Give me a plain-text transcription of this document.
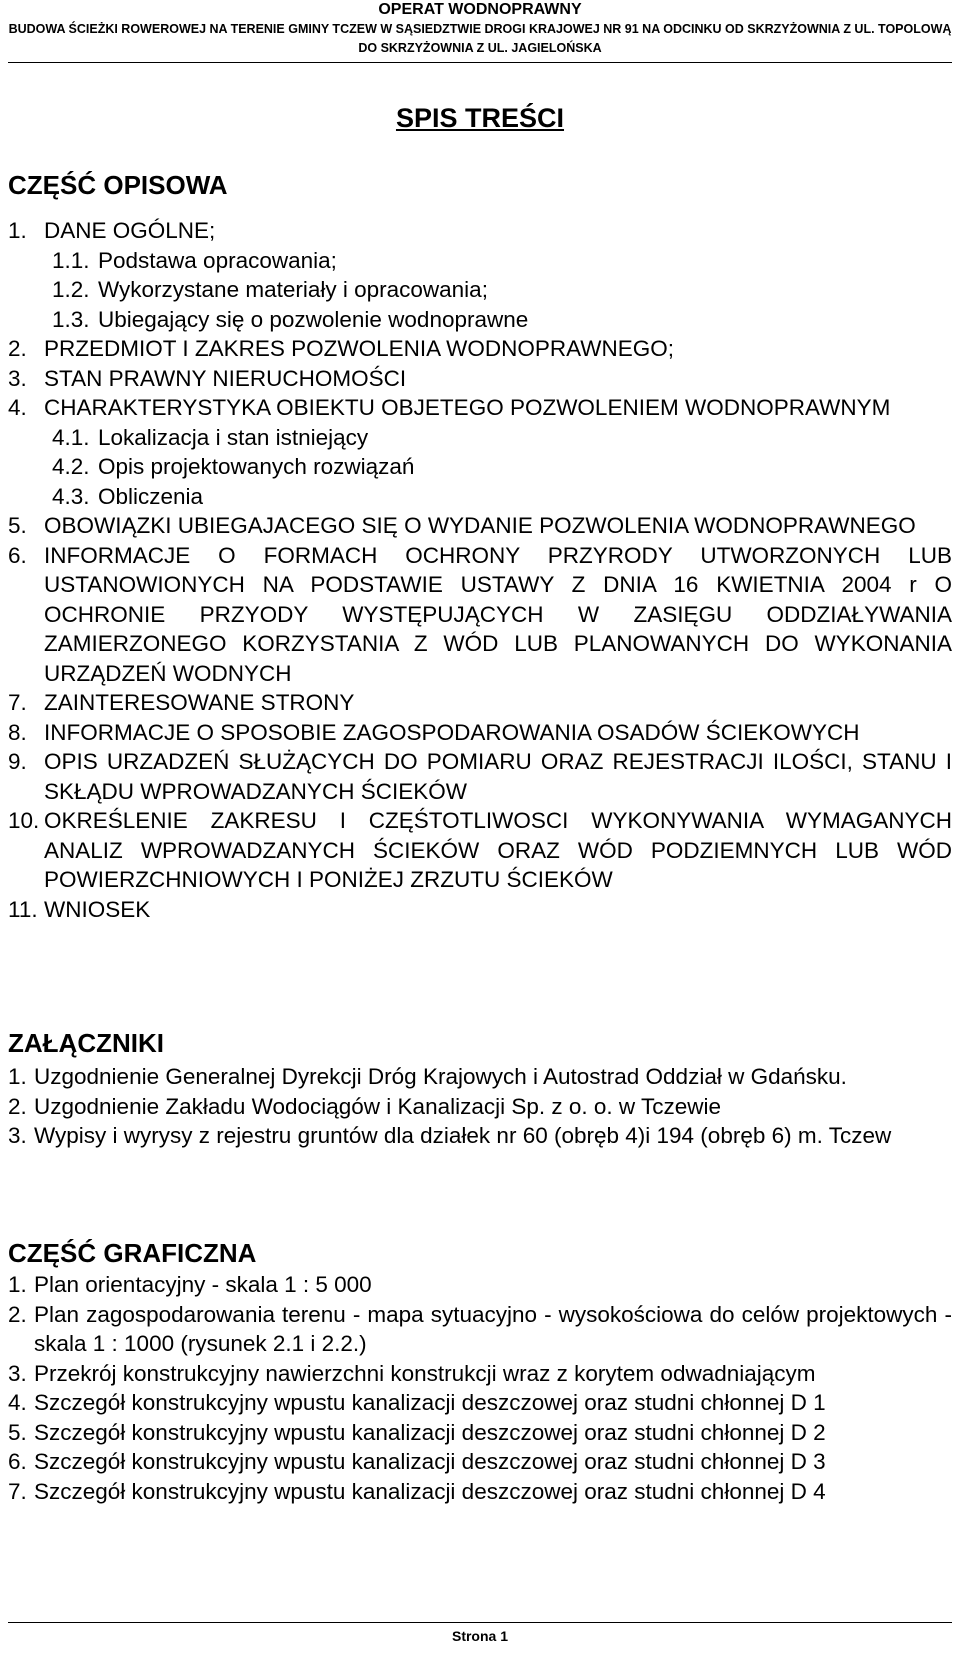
OPERAT WODNOPRAWNY
BUDOWA ŚCIEŻKI ROWEROWEJ NA TERENIE GMINY TCZEW W SĄSIEDZTWIE DROGI KRAJOWEJ NR 91 NA ODCINKU OD SKRZYŻOWNIA Z UL. TOPOLOWĄ DO SKRZYŻOWNIA Z UL. JAGIELOŃSKA
SPIS TREŚCI
CZĘŚĆ OPISOWA
1. DANE OGÓLNE;
1.1. Podstawa opracowania;
1.2. Wykorzystane materiały i opracowania;
1.3. Ubiegający się o pozwolenie wodnoprawne
2. PRZEDMIOT I ZAKRES POZWOLENIA WODNOPRAWNEGO;
3. STAN PRAWNY NIERUCHOMOŚCI
4. CHARAKTERYSTYKA OBIEKTU OBJETEGO POZWOLENIEM WODNOPRAWNYM
4.1. Lokalizacja i stan istniejący
4.2. Opis projektowanych rozwiązań
4.3. Obliczenia
5. OBOWIĄZKI UBIEGAJACEGO SIĘ O WYDANIE POZWOLENIA WODNOPRAWNEGO
6. INFORMACJE O FORMACH OCHRONY PRZYRODY UTWORZONYCH LUB USTANOWIONYCH NA PODSTAWIE USTAWY Z DNIA 16 KWIETNIA 2004 r O OCHRONIE PRZYODY WYSTĘPUJĄCYCH W ZASIĘGU ODDZIAŁYWANIA ZAMIERZONEGO KORZYSTANIA Z WÓD LUB PLANOWANYCH DO WYKONANIA URZĄDZEŃ WODNYCH
7. ZAINTERESOWANE STRONY
8. INFORMACJE O SPOSOBIE ZAGOSPODAROWANIA OSADÓW ŚCIEKOWYCH
9. OPIS URZADZEŃ SŁUŻĄCYCH DO POMIARU ORAZ REJESTRACJI ILOŚCI, STANU I SKŁĄDU WPROWADZANYCH ŚCIEKÓW
10. OKREŚLENIE ZAKRESU I CZĘŚTOTLIWOSCI WYKONYWANIA WYMAGANYCH ANALIZ WPROWADZANYCH ŚCIEKÓW ORAZ WÓD PODZIEMNYCH LUB WÓD POWIERZCHNIOWYCH I PONIŻEJ ZRZUTU ŚCIEKÓW
11. WNIOSEK
ZAŁĄCZNIKI
1. Uzgodnienie Generalnej Dyrekcji Dróg Krajowych i Autostrad Oddział w Gdańsku.
2. Uzgodnienie Zakładu Wodociągów i Kanalizacji Sp. z o. o. w Tczewie
3. Wypisy i wyrysy z rejestru gruntów dla działek nr 60 (obręb 4)i 194 (obręb 6) m. Tczew
CZĘŚĆ GRAFICZNA
1. Plan orientacyjny - skala 1 : 5 000
2. Plan zagospodarowania terenu - mapa sytuacyjno - wysokościowa do celów projektowych - skala 1 : 1000 (rysunek 2.1 i 2.2.)
3. Przekrój konstrukcyjny nawierzchni konstrukcji wraz z korytem odwadniającym
4. Szczegół konstrukcyjny wpustu kanalizacji deszczowej oraz studni chłonnej D 1
5. Szczegół konstrukcyjny wpustu kanalizacji deszczowej oraz studni chłonnej D 2
6. Szczegół konstrukcyjny wpustu kanalizacji deszczowej oraz studni chłonnej D 3
7. Szczegół konstrukcyjny wpustu kanalizacji deszczowej oraz studni chłonnej D 4
Strona 1
